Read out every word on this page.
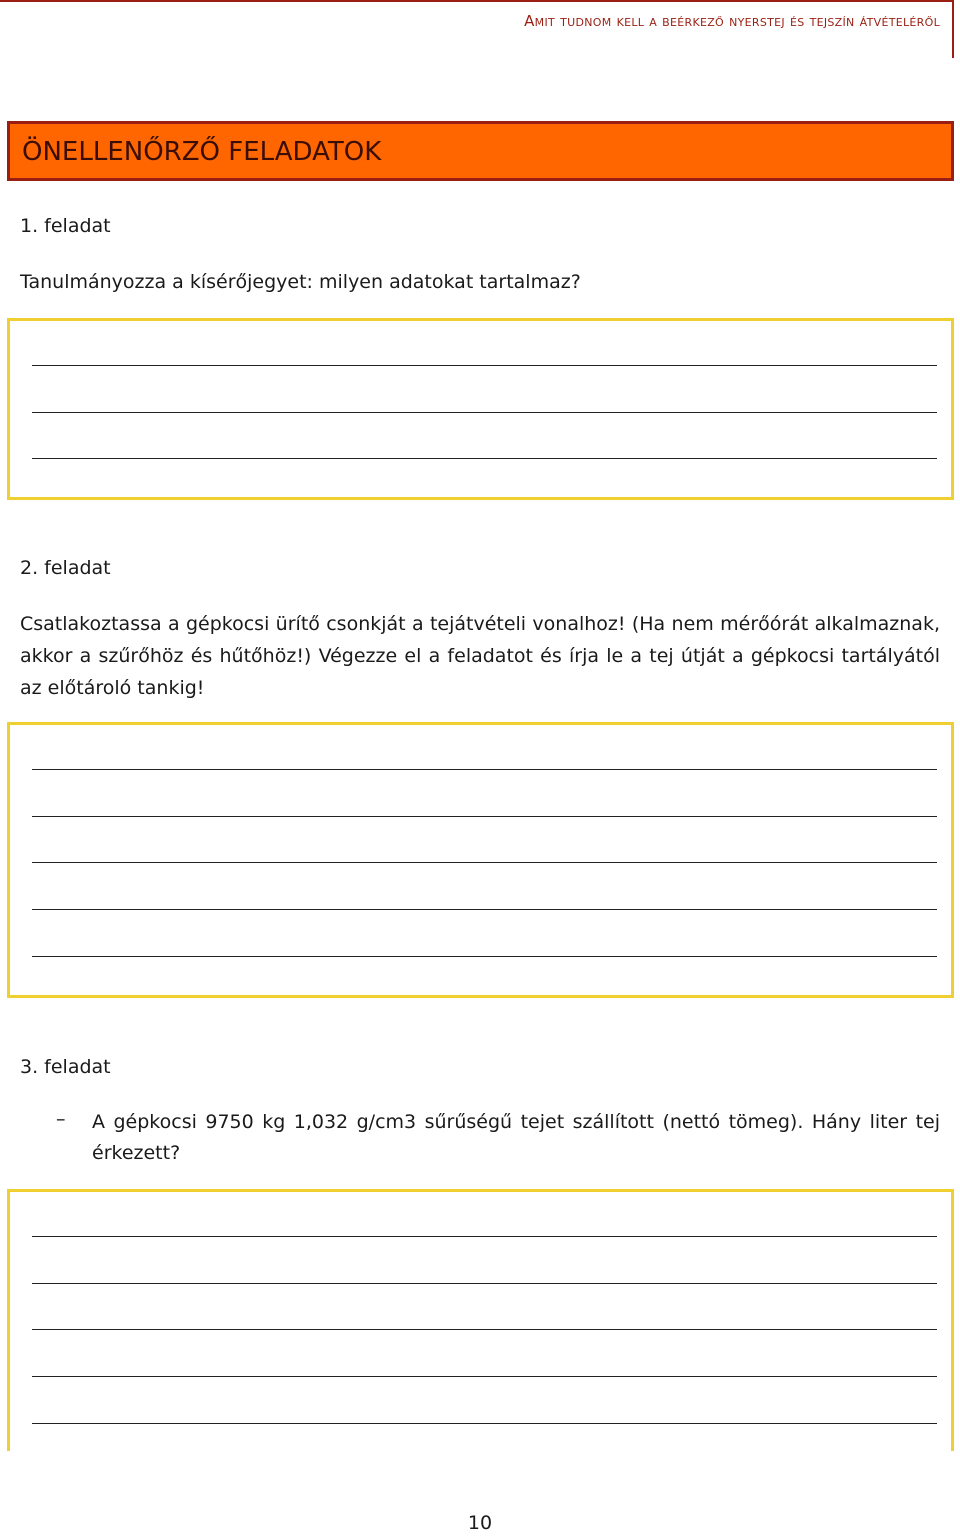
Amit tudnom kell a beérkező nyerstej és tejszín átvételéről
ÖNELLENŐRZŐ FELADATOK
1. feladat
Tanulmányozza a kísérőjegyet: milyen adatokat tartalmaz?
2. feladat
Csatlakoztassa a gépkocsi ürítő csonkját a tejátvételi vonalhoz! (Ha nem mérőórát alkalmaznak, akkor a szűrőhöz és hűtőhöz!) Végezze el a feladatot és írja le a tej útját a gépkocsi tartályától az előtároló tankig!
3. feladat
– A gépkocsi 9750 kg 1,032 g/cm3 sűrűségű tejet szállított (nettó tömeg). Hány liter tej érkezett?
10
